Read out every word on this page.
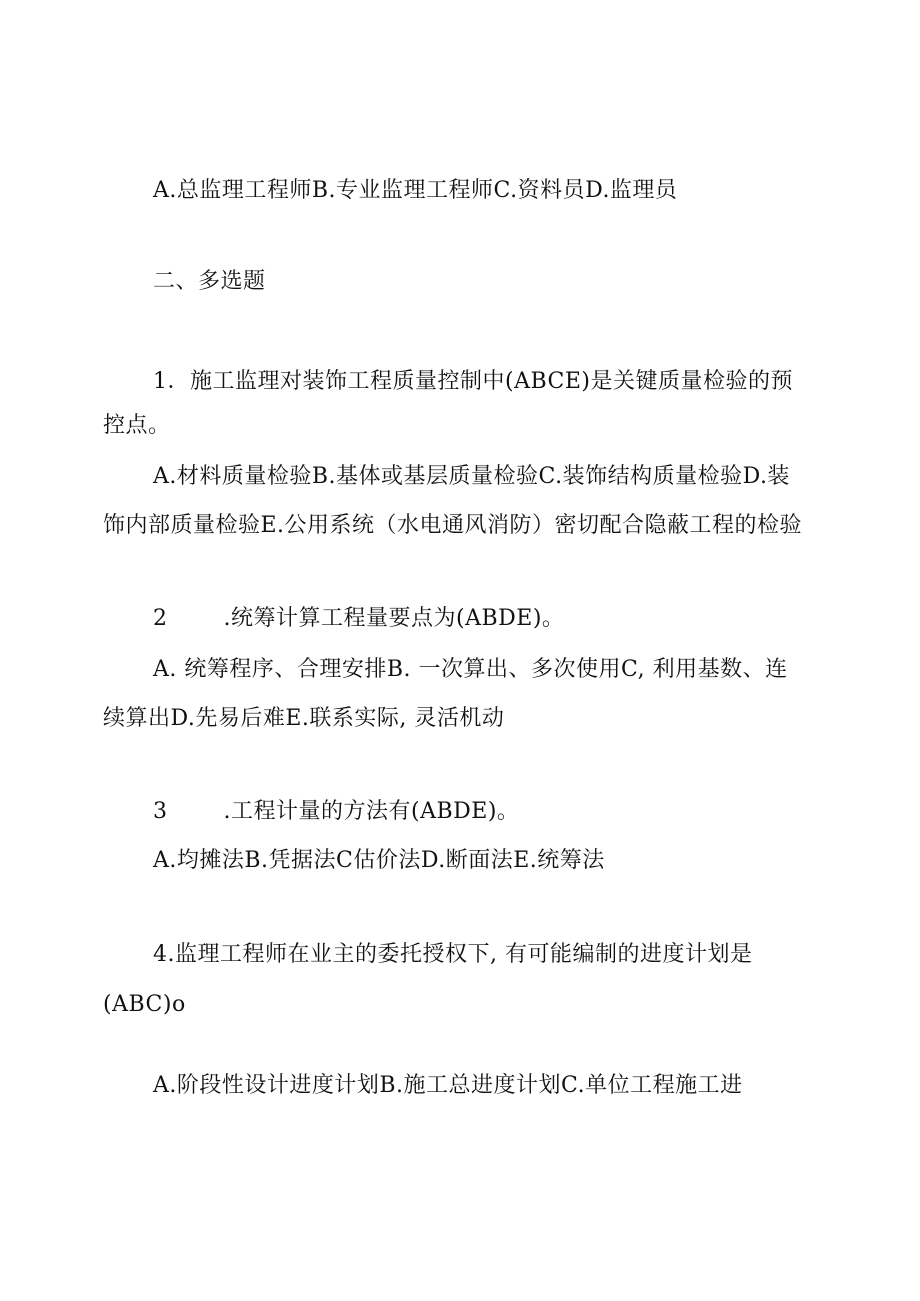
A.总监理工程师B.专业监理工程师C.资料员D.监理员
二、多选题
1．施工监理对装饰工程质量控制中(ABCE)是关键质量检验的预
控点。
A.材料质量检验B.基体或基层质量检验C.装饰结构质量检验D.装
饰内部质量检验E.公用系统（水电通风消防）密切配合隐蔽工程的检验
2	.统筹计算工程量要点为(ABDE)。
A. 统筹程序、合理安排B. 一次算出、多次使用C, 利用基数、连
续算出D.先易后难E.联系实际, 灵活机动
3	.工程计量的方法有(ABDE)。
A.均摊法B.凭据法C估价法D.断面法E.统筹法
4.监理工程师在业主的委托授权下, 有可能编制的进度计划是
(ABC)o
A.阶段性设计进度计划B.施工总进度计划C.单位工程施工进
